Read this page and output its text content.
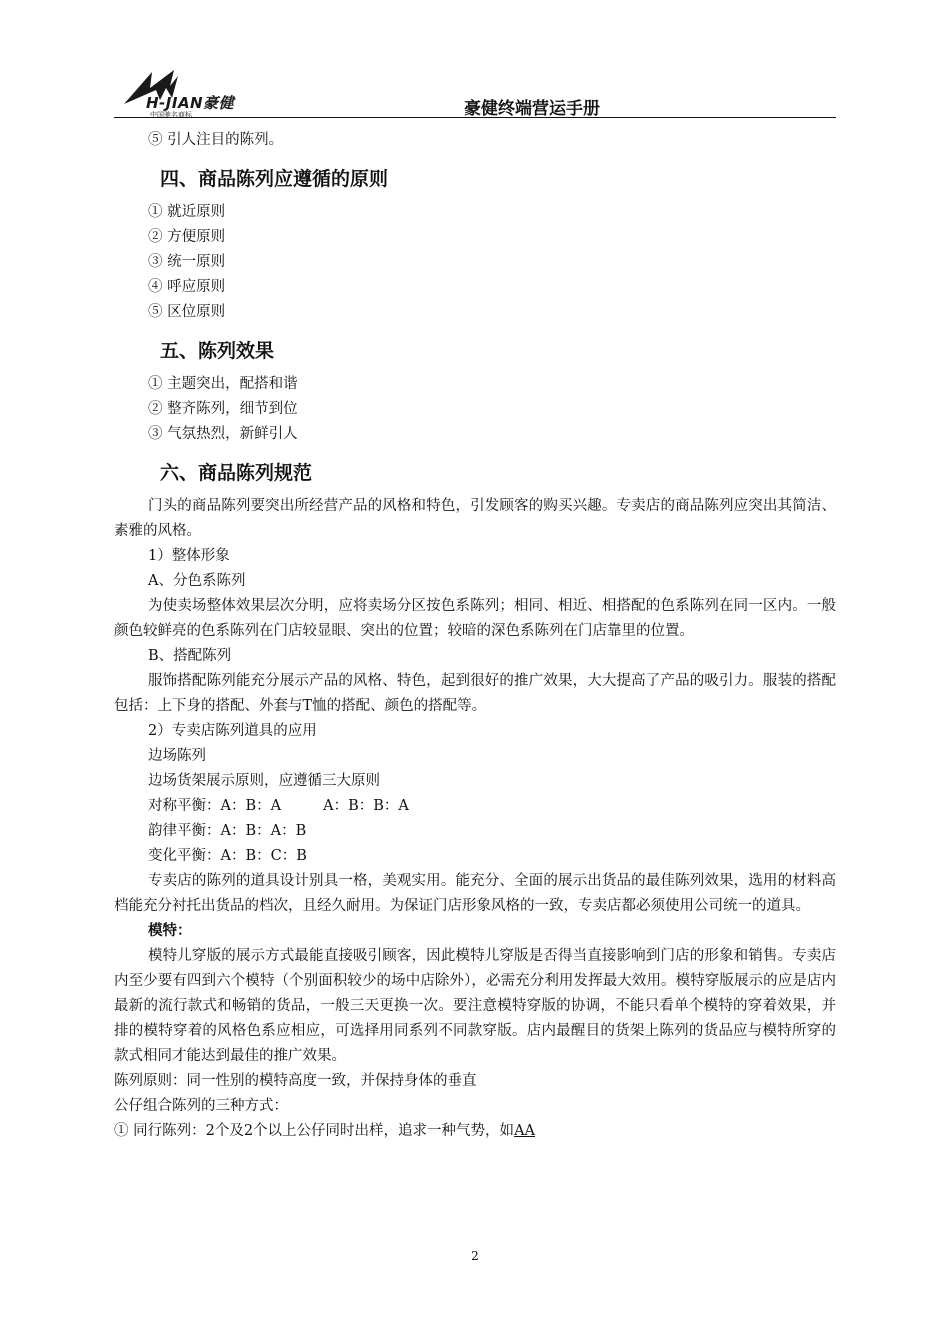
H-JIAN豪健
中国驰名商标	豪健终端营运手册
⑤ 引人注目的陈列。
四、商品陈列应遵循的原则
① 就近原则
② 方便原则
③ 统一原则
④ 呼应原则
⑤ 区位原则
五、陈列效果
① 主题突出，配搭和谐
② 整齐陈列，细节到位
③ 气氛热烈，新鲜引人
六、商品陈列规范
门头的商品陈列要突出所经营产品的风格和特色，引发顾客的购买兴趣。专卖店的商品陈列应突出其简洁、素雅的风格。
1）整体形象
A、分色系陈列
为使卖场整体效果层次分明，应将卖场分区按色系陈列；相同、相近、相搭配的色系陈列在同一区内。一般颜色较鲜亮的色系陈列在门店较显眼、突出的位置；较暗的深色系陈列在门店靠里的位置。
B、搭配陈列
服饰搭配陈列能充分展示产品的风格、特色，起到很好的推广效果，大大提高了产品的吸引力。服装的搭配包括：上下身的搭配、外套与T恤的搭配、颜色的搭配等。
2）专卖店陈列道具的应用
边场陈列
边场货架展示原则，应遵循三大原则
对称平衡：A：B：A	A：B：B：A
韵律平衡：A：B：A：B
变化平衡：A：B：C：B
专卖店的陈列的道具设计别具一格，美观实用。能充分、全面的展示出货品的最佳陈列效果，选用的材料高档能充分衬托出货品的档次，且经久耐用。为保证门店形象风格的一致，专卖店都必须使用公司统一的道具。
模特：
模特儿穿版的展示方式最能直接吸引顾客，因此模特儿穿版是否得当直接影响到门店的形象和销售。专卖店内至少要有四到六个模特（个别面积较少的场中店除外），必需充分利用发挥最大效用。模特穿版展示的应是店内最新的流行款式和畅销的货品，一般三天更换一次。要注意模特穿版的协调，不能只看单个模特的穿着效果，并排的模特穿着的风格色系应相应，可选择用同系列不同款穿版。店内最醒目的货架上陈列的货品应与模特所穿的款式相同才能达到最佳的推广效果。
陈列原则：同一性别的模特高度一致，并保持身体的垂直
公仔组合陈列的三种方式：
① 同行陈列：2个及2个以上公仔同时出样，追求一种气势，如AA
2
